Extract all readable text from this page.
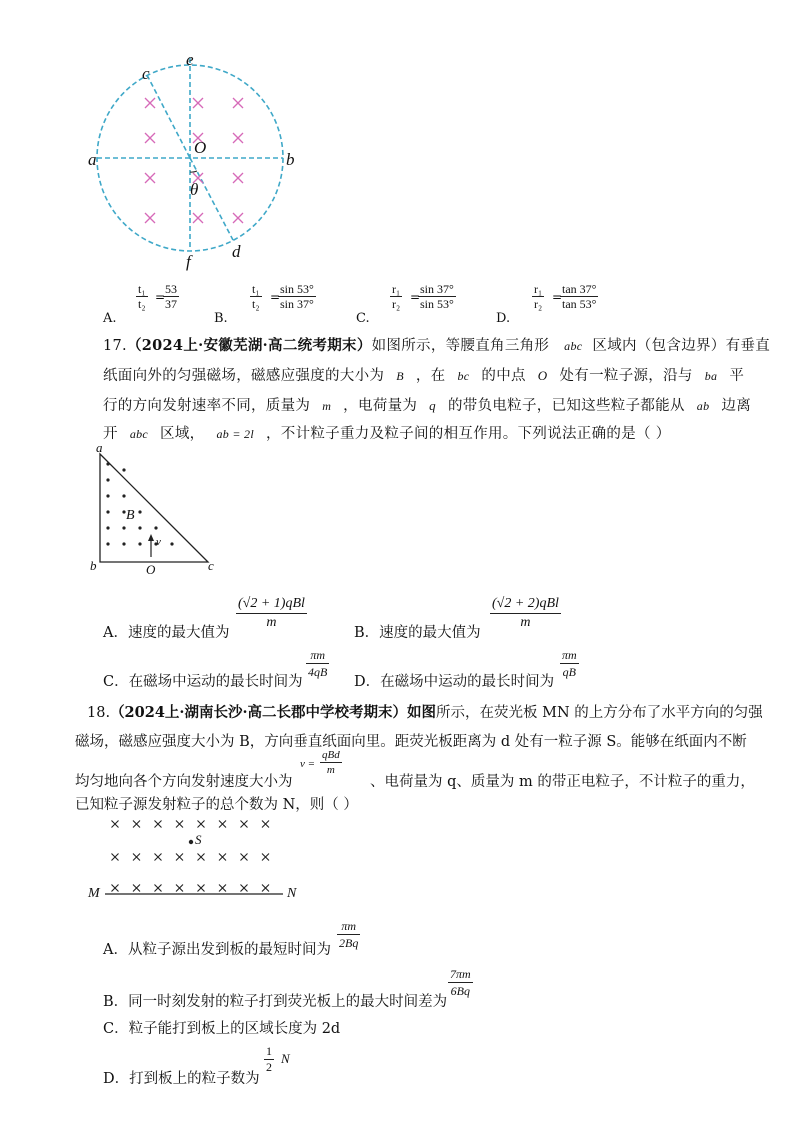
c
e
a	b
O
θ
f
d
A.
t₁
t₂ =
53
37
B.
t₁
t₂ =
sin 53°
sin 37°
C.
r₁
r₂ =
sin 37°
sin 53°
D.
r₁
r₂ =
tan 37°
tan 53°
17.（2024上·安徽芜湖·高二统考期末）如图所示，等腰直角三角形 abc 区域内（包含边界）有垂直
纸面向外的匀强磁场，磁感应强度的大小为 B ，在 bc 的中点 O 处有一粒子源，沿与 ba 平
行的方向发射速率不同，质量为 m ，电荷量为 q 的带负电粒子，已知这些粒子都能从 ab 边离
开 abc 区域， ab = 2l ，不计粒子重力及粒子间的相互作用。下列说法正确的是（ ）
a
b	c
O
B
v
A．速度的最大值为
(√2 + 1)qBl
m
B．速度的最大值为
(√2 + 2)qBl
m
C．在磁场中运动的最长时间为
πm
4qB
D．在磁场中运动的最长时间为
πm
qB
18.（2024上·湖南长沙·高二长郡中学校考期末）如图所示，在荧光板 MN 的上方分布了水平方向的匀强
磁场，磁感应强度大小为 B，方向垂直纸面向里。距荧光板距离为 d 处有一粒子源 S。能够在纸面内不断
均匀地向各个方向发射速度大小为
v =
qBd
m
、电荷量为 q、质量为 m 的带正电粒子，不计粒子的重力，
已知粒子源发射粒子的总个数为 N，则（ ）
S
M	N
A．从粒子源出发到板的最短时间为
πm
2Bq
B．同一时刻发射的粒子打到荧光板上的最大时间差为
7πm
6Bq
C．粒子能打到板上的区域长度为 2d
D．打到板上的粒子数为
1
2
N
